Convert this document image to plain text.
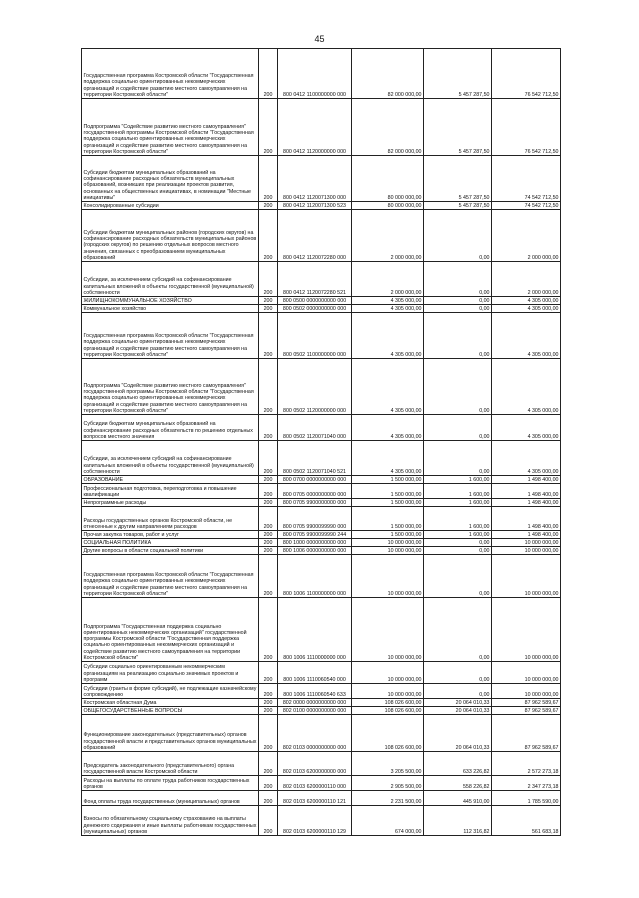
45
Государственная программа Костромской области "Государственная поддержка социально ориентированных некоммерческих организаций и содействие развитию местного самоуправления на территории Костромской области"	200	800 0412 1100000000 000	82 000 000,00	5 457 287,50	76 542 712,50
Подпрограмма "Содействие развитию местного самоуправления" государственной программы Костромской области "Государственная поддержка социально ориентированных некоммерческих организаций и содействие развитию местного самоуправления на территории Костромской области"	200	800 0412 1120000000 000	82 000 000,00	5 457 287,50	76 542 712,50
Субсидии бюджетам муниципальных образований на софинансирование расходных обязательств муниципальных образований, возникших при реализации проектов развития, основанных на общественных инициативах, в номинации "Местные инициативы"	200	800 0412 1120071300 000	80 000 000,00	5 457 287,50	74 542 712,50
Консолидированные субсидии	200	800 0412 1120071300 523	80 000 000,00	5 457 287,50	74 542 712,50
Субсидии бюджетам муниципальных районов (городских округов) на софинансирование расходных обязательств муниципальных районов (городских округов) по решению отдельных вопросов местного значения, связанных с преобразованием муниципальных образований	200	800 0412 1120072280 000	2 000 000,00	0,00	2 000 000,00
Субсидии, за исключением субсидий на софинансирование капитальных вложений в объекты государственной (муниципальной) собственности	200	800 0412 1120072280 521	2 000 000,00	0,00	2 000 000,00
ЖИЛИЩНОКОММУНАЛЬНОЕ ХОЗЯЙСТВО	200	800 0500 0000000000 000	4 305 000,00	0,00	4 305 000,00
Коммунальное хозяйство	200	800 0502 0000000000 000	4 305 000,00	0,00	4 305 000,00
Государственная программа Костромской области "Государственная поддержка социально ориентированных некоммерческих организаций и содействие развитию местного самоуправления на территории Костромской области"	200	800 0502 1100000000 000	4 305 000,00	0,00	4 305 000,00
Подпрограмма "Содействие развитию местного самоуправления" государственной программы Костромской области "Государственная поддержка социально ориентированных некоммерческих организаций и содействие развитию местного самоуправления на территории Костромской области"	200	800 0502 1120000000 000	4 305 000,00	0,00	4 305 000,00
Субсидии бюджетам муниципальных образований на софинансирование расходных обязательств по решению отдельных вопросов местного значения	200	800 0502 1120071040 000	4 305 000,00	0,00	4 305 000,00
Субсидии, за исключением субсидий на софинансирование капитальных вложений в объекты государственной (муниципальной) собственности	200	800 0502 1120071040 521	4 305 000,00	0,00	4 305 000,00
ОБРАЗОВАНИЕ	200	800 0700 0000000000 000	1 500 000,00	1 600,00	1 498 400,00
Профессиональная подготовка, переподготовка и повышение квалификации	200	800 0705 0000000000 000	1 500 000,00	1 600,00	1 498 400,00
Непрограммные расходы	200	800 0705 9900000000 000	1 500 000,00	1 600,00	1 498 400,00
Расходы государственных органов Костромской области, не отнесенные к другим направлениям расходов	200	800 0705 9900099990 000	1 500 000,00	1 600,00	1 498 400,00
Прочая закупка товаров, работ и услуг	200	800 0705 9900099990 244	1 500 000,00	1 600,00	1 498 400,00
СОЦИАЛЬНАЯ ПОЛИТИКА	200	800 1000 0000000000 000	10 000 000,00	0,00	10 000 000,00
Другие вопросы в области социальной политики	200	800 1006 0000000000 000	10 000 000,00	0,00	10 000 000,00
Государственная программа Костромской области "Государственная поддержка социально ориентированных некоммерческих организаций и содействие развитию местного самоуправления на территории Костромской области"	200	800 1006 1100000000 000	10 000 000,00	0,00	10 000 000,00
Подпрограмма "Государственная поддержка социально ориентированных некоммерческих организаций" государственной программы Костромской области "Государственная поддержка социально ориентированных некоммерческих организаций и содействие развитию местного самоуправления на территории Костромской области"	200	800 1006 1110000000 000	10 000 000,00	0,00	10 000 000,00
Субсидии социально ориентированным некоммерческим организациям на реализацию социально значимых проектов и программ	200	800 1006 1110060540 000	10 000 000,00	0,00	10 000 000,00
Субсидии (гранты в форме субсидий), не подлежащие казначейскому сопровождению	200	800 1006 1110060540 633	10 000 000,00	0,00	10 000 000,00
Костромская областная Дума	200	802 0000 0000000000 000	108 026 600,00	20 064 010,33	87 962 589,67
ОБЩЕГОСУДАРСТВЕННЫЕ ВОПРОСЫ	200	802 0100 0000000000 000	108 026 600,00	20 064 010,33	87 962 589,67
Функционирование законодательных (представительных) органов государственной власти и представительных органов муниципальных образований	200	802 0103 0000000000 000	108 026 600,00	20 064 010,33	87 962 589,67
Председатель законодательного (представительного) органа государственной власти Костромской области	200	802 0103 6200000000 000	3 205 500,00	633 226,82	2 572 273,18
Расходы на выплаты по оплате труда работников государственных органов	200	802 0103 6200000110 000	2 905 500,00	558 226,82	2 347 273,18
Фонд оплаты труда государственных (муниципальных) органов	200	802 0103 6200000110 121	2 231 500,00	445 910,00	1 785 590,00
Взносы по обязательному социальному страхованию на выплаты денежного содержания и иные выплаты работникам государственных (муниципальных) органов	200	802 0103 6200000110 129	674 000,00	112 316,82	561 683,18
